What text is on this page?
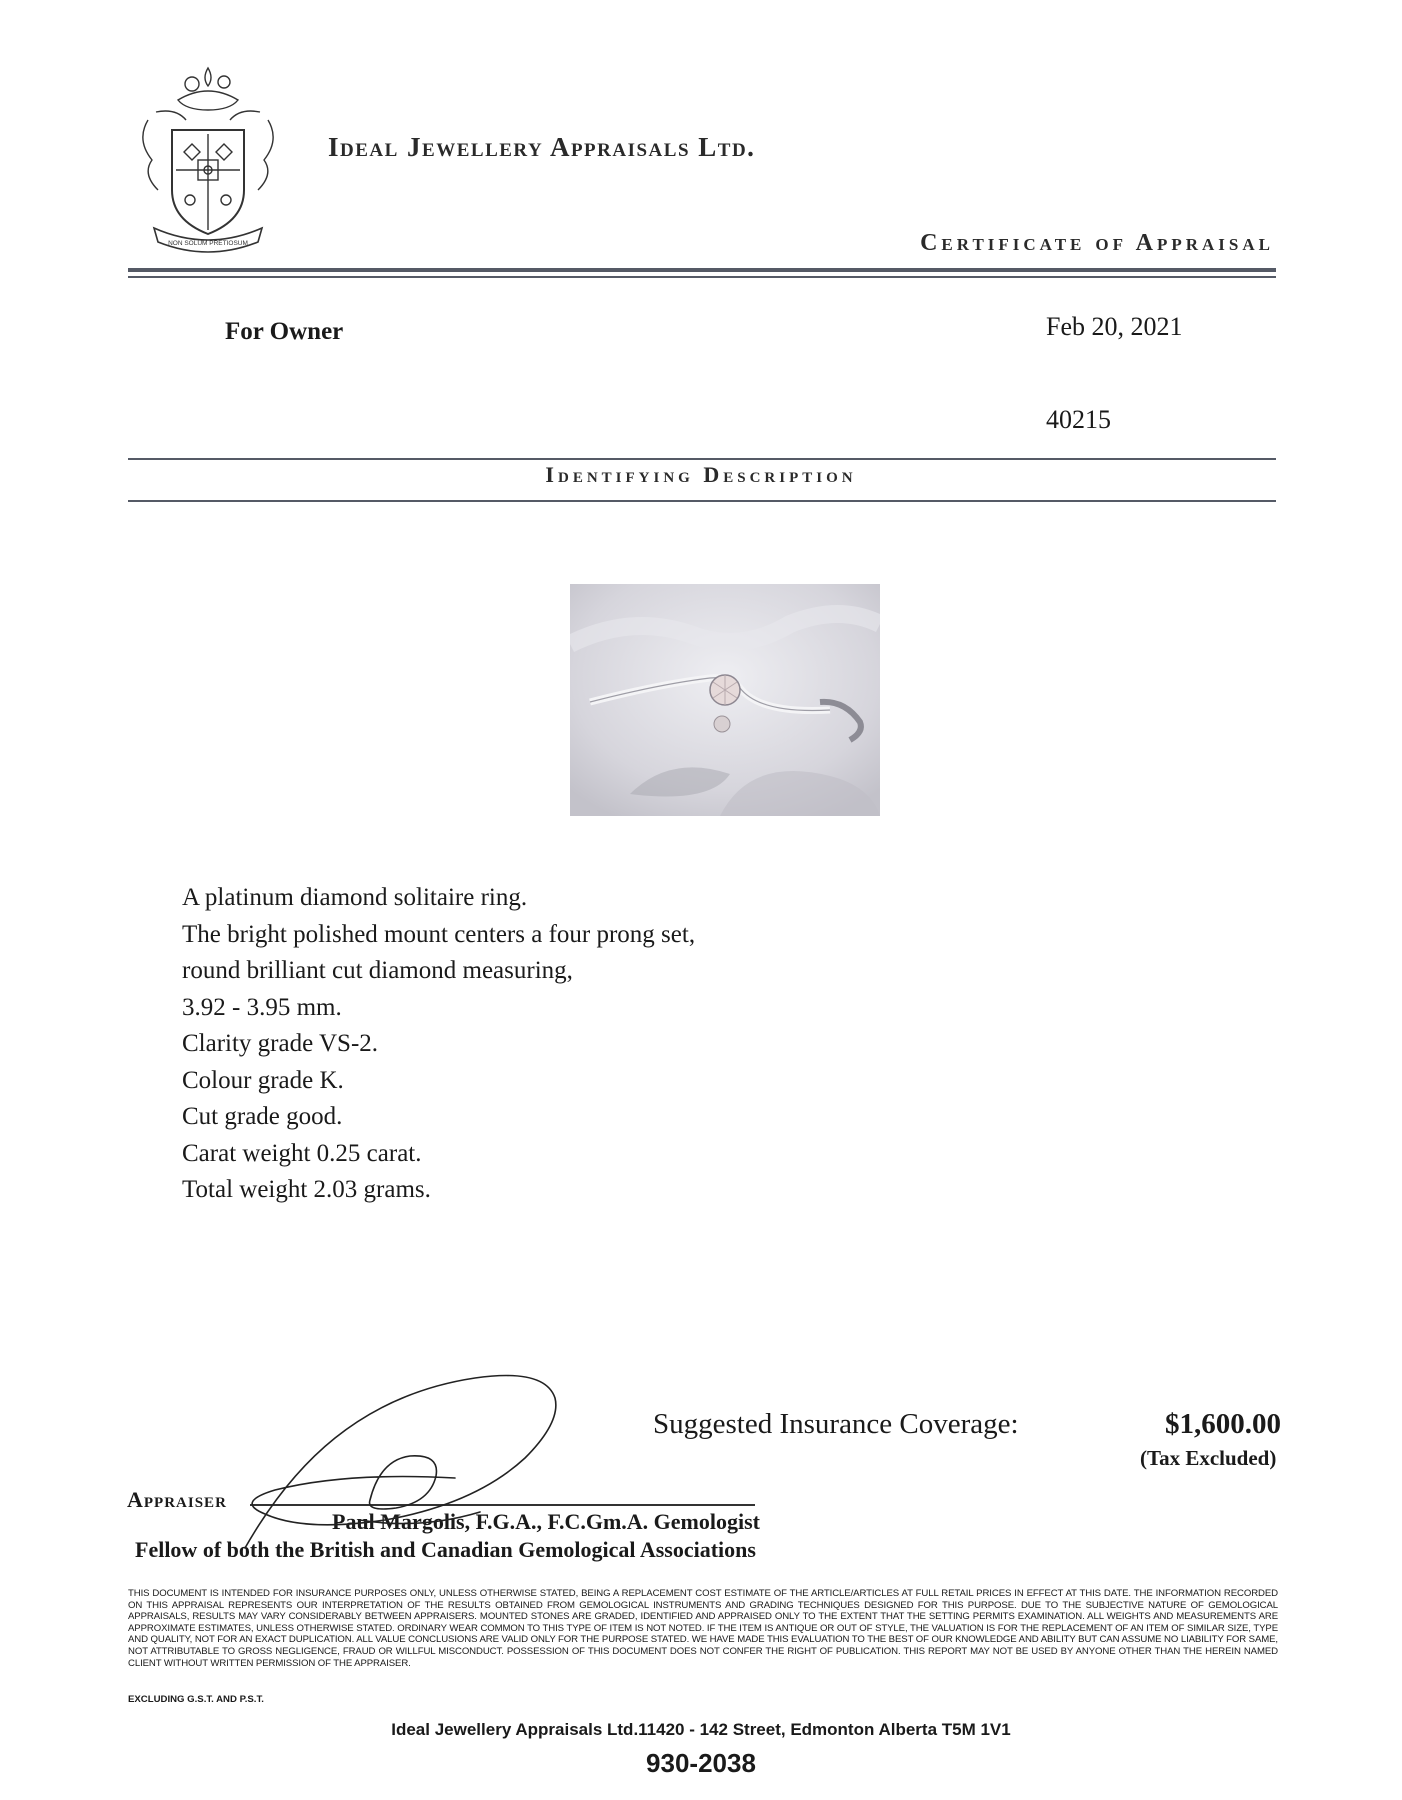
NON SOLUM PRETIOSUM
Ideal Jewellery Appraisals Ltd.
Certificate of Appraisal
For Owner	Feb 20, 2021
40215
Identifying Description
A platinum diamond solitaire ring.
The bright polished mount centers a four prong set,
round brilliant cut diamond measuring,
3.92 - 3.95 mm.
Clarity grade VS-2.
Colour grade K.
Cut grade good.
Carat weight 0.25 carat.
Total weight 2.03 grams.
Suggested Insurance Coverage:	$1,600.00
(Tax Excluded)
Appraiser
Paul Margolis, F.G.A., F.C.Gm.A. Gemologist
Fellow of both the British and Canadian Gemological Associations
THIS DOCUMENT IS INTENDED FOR INSURANCE PURPOSES ONLY, UNLESS OTHERWISE STATED, BEING A REPLACEMENT COST ESTIMATE OF THE ARTICLE/ARTICLES AT FULL RETAIL PRICES IN EFFECT AT THIS DATE. THE INFORMATION RECORDED ON THIS APPRAISAL REPRESENTS OUR INTERPRETATION OF THE RESULTS OBTAINED FROM GEMOLOGICAL INSTRUMENTS AND GRADING TECHNIQUES DESIGNED FOR THIS PURPOSE. DUE TO THE SUBJECTIVE NATURE OF GEMOLOGICAL APPRAISALS, RESULTS MAY VARY CONSIDERABLY BETWEEN APPRAISERS. MOUNTED STONES ARE GRADED, IDENTIFIED AND APPRAISED ONLY TO THE EXTENT THAT THE SETTING PERMITS EXAMINATION. ALL WEIGHTS AND MEASUREMENTS ARE APPROXIMATE ESTIMATES, UNLESS OTHERWISE STATED. ORDINARY WEAR COMMON TO THIS TYPE OF ITEM IS NOT NOTED. IF THE ITEM IS ANTIQUE OR OUT OF STYLE, THE VALUATION IS FOR THE REPLACEMENT OF AN ITEM OF SIMILAR SIZE, TYPE AND QUALITY, NOT FOR AN EXACT DUPLICATION. ALL VALUE CONCLUSIONS ARE VALID ONLY FOR THE PURPOSE STATED. WE HAVE MADE THIS EVALUATION TO THE BEST OF OUR KNOWLEDGE AND ABILITY BUT CAN ASSUME NO LIABILITY FOR SAME, NOT ATTRIBUTABLE TO GROSS NEGLIGENCE, FRAUD OR WILLFUL MISCONDUCT. POSSESSION OF THIS DOCUMENT DOES NOT CONFER THE RIGHT OF PUBLICATION. THIS REPORT MAY NOT BE USED BY ANYONE OTHER THAN THE HEREIN NAMED CLIENT WITHOUT WRITTEN PERMISSION OF THE APPRAISER.
EXCLUDING G.S.T. AND P.S.T.
Ideal Jewellery Appraisals Ltd.11420 - 142 Street, Edmonton Alberta T5M 1V1
930-2038
